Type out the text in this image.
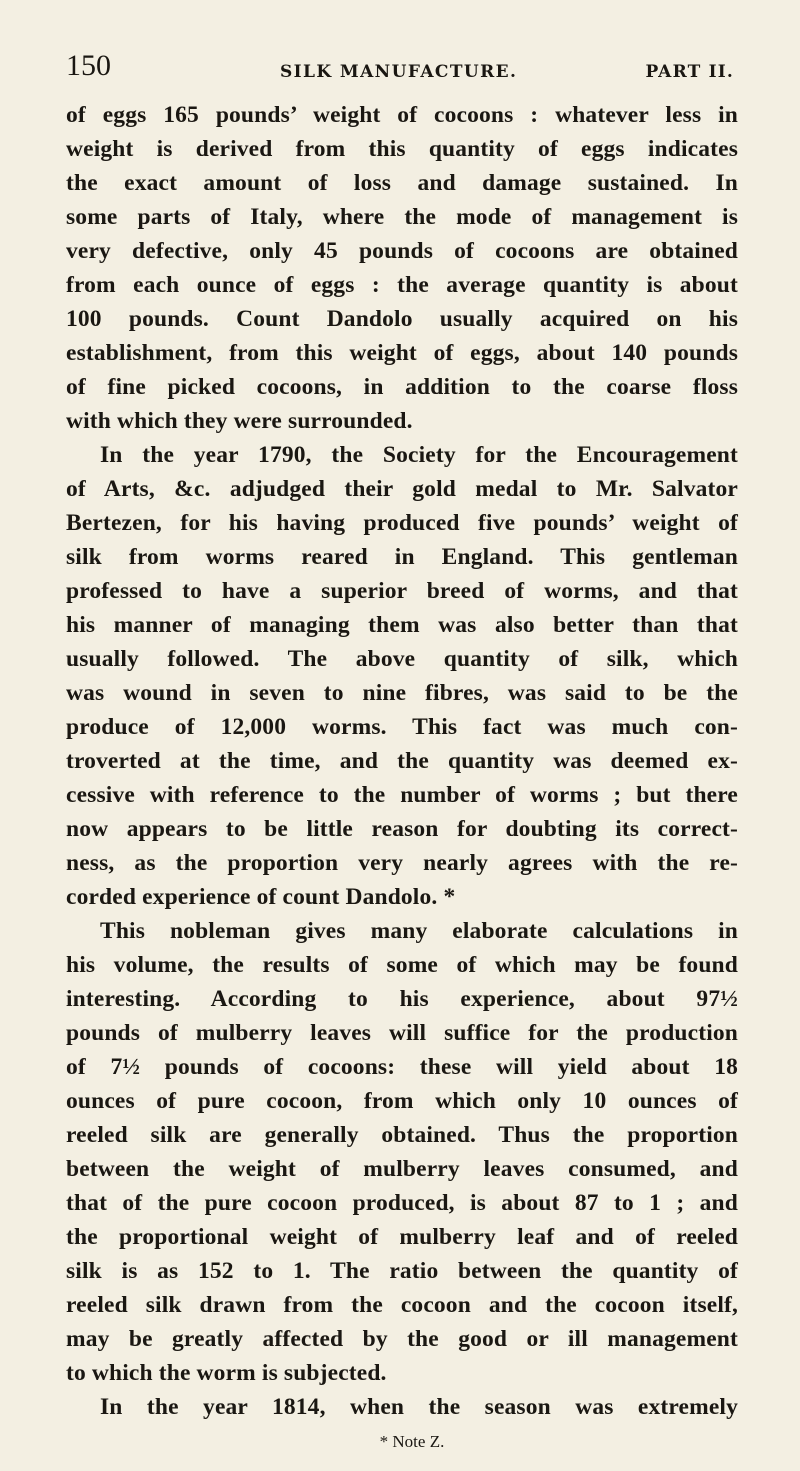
150	SILK MANUFACTURE.	PART II.
of eggs 165 pounds’ weight of cocoons : whatever less in
weight is derived from this quantity of eggs indicates
the exact amount of loss and damage sustained. In
some parts of Italy, where the mode of management is
very defective, only 45 pounds of cocoons are obtained
from each ounce of eggs : the average quantity is about
100 pounds. Count Dandolo usually acquired on his
establishment, from this weight of eggs, about 140 pounds
of fine picked cocoons, in addition to the coarse floss
with which they were surrounded.
In the year 1790, the Society for the Encouragement
of Arts, &c. adjudged their gold medal to Mr. Salvator
Bertezen, for his having produced five pounds’ weight of
silk from worms reared in England. This gentleman
professed to have a superior breed of worms, and that
his manner of managing them was also better than that
usually followed. The above quantity of silk, which
was wound in seven to nine fibres, was said to be the
produce of 12,000 worms. This fact was much con-
troverted at the time, and the quantity was deemed ex-
cessive with reference to the number of worms ; but there
now appears to be little reason for doubting its correct-
ness, as the proportion very nearly agrees with the re-
corded experience of count Dandolo. *
This nobleman gives many elaborate calculations in
his volume, the results of some of which may be found
interesting. According to his experience, about 97½
pounds of mulberry leaves will suffice for the production
of 7½ pounds of cocoons: these will yield about 18
ounces of pure cocoon, from which only 10 ounces of
reeled silk are generally obtained. Thus the proportion
between the weight of mulberry leaves consumed, and
that of the pure cocoon produced, is about 87 to 1 ; and
the proportional weight of mulberry leaf and of reeled
silk is as 152 to 1. The ratio between the quantity of
reeled silk drawn from the cocoon and the cocoon itself,
may be greatly affected by the good or ill management
to which the worm is subjected.
In the year 1814, when the season was extremely
* Note Z.
